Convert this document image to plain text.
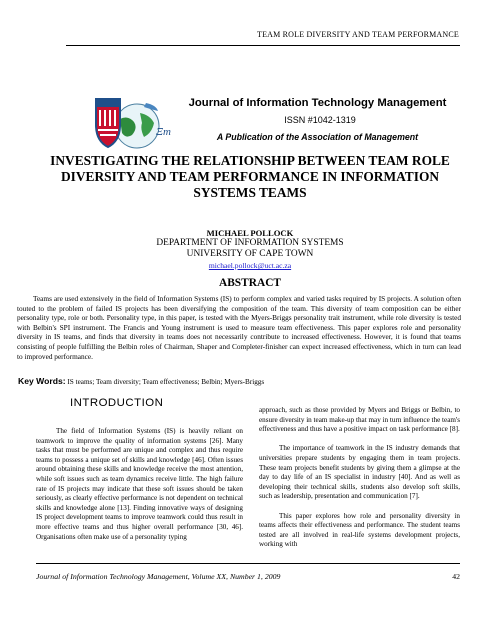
TEAM ROLE DIVERSITY AND TEAM PERFORMANCE
Ξm
Journal of Information Technology Management
ISSN #1042-1319
A Publication of the Association of Management
INVESTIGATING THE RELATIONSHIP BETWEEN TEAM ROLE DIVERSITY AND TEAM PERFORMANCE IN INFORMATION SYSTEMS TEAMS
MICHAEL POLLOCK
DEPARTMENT OF INFORMATION SYSTEMS
UNIVERSITY OF CAPE TOWN
michael.pollock@uct.ac.za
ABSTRACT

Teams are used extensively in the field of Information Systems (IS) to perform complex and varied tasks required by IS projects. A solution often touted to the problem of failed IS projects has been diversifying the composition of the team. This diversity of team composition can be either personality type, role or both. Personality type, in this paper, is tested with the Myers-Briggs personality trait instrument, while role diversity is tested with Belbin's SPI instrument. The Francis and Young instrument is used to measure team effectiveness. This paper explores role and personality diversity in IS teams, and finds that diversity in teams does not necessarily contribute to increased effectiveness. However, it is found that teams consisting of people fulfilling the Belbin roles of Chairman, Shaper and Completer-finisher can expect increased effectiveness, which in turn can lead to improved performance.

Key Words: IS teams; Team diversity; Team effectiveness; Belbin; Myers-Briggs
INTRODUCTION

The field of Information Systems (IS) is heavily reliant on teamwork to improve the quality of information systems [26]. Many tasks that must be performed are unique and complex and thus require teams to possess a unique set of skills and knowledge [46]. Often issues around obtaining these skills and knowledge receive the most attention, while soft issues such as team dynamics receive little. The high failure rate of IS projects may indicate that these soft issues should be taken seriously, as clearly effective performance is not dependent on technical skills and knowledge alone [13]. Finding innovative ways of designing IS project development teams to improve teamwork could thus result in more effective teams and thus higher overall performance [30, 46]. Organisations often make use of a personality typing

approach, such as those provided by Myers and Briggs or Belbin, to ensure diversity in team make-up that may in turn influence the team's effectiveness and thus have a positive impact on task performance [8].

The importance of teamwork in the IS industry demands that universities prepare students by engaging them in team projects. These team projects benefit students by giving them a glimpse at the day to day life of an IS specialist in industry [40]. And as well as developing their technical skills, students also develop soft skills, such as leadership, presentation and communication [7].

This paper explores how role and personality diversity in teams affects their effectiveness and performance. The student teams tested are all involved in real-life systems development projects, working with

Journal of Information Technology Management, Volume XX, Number 1, 2009	42
